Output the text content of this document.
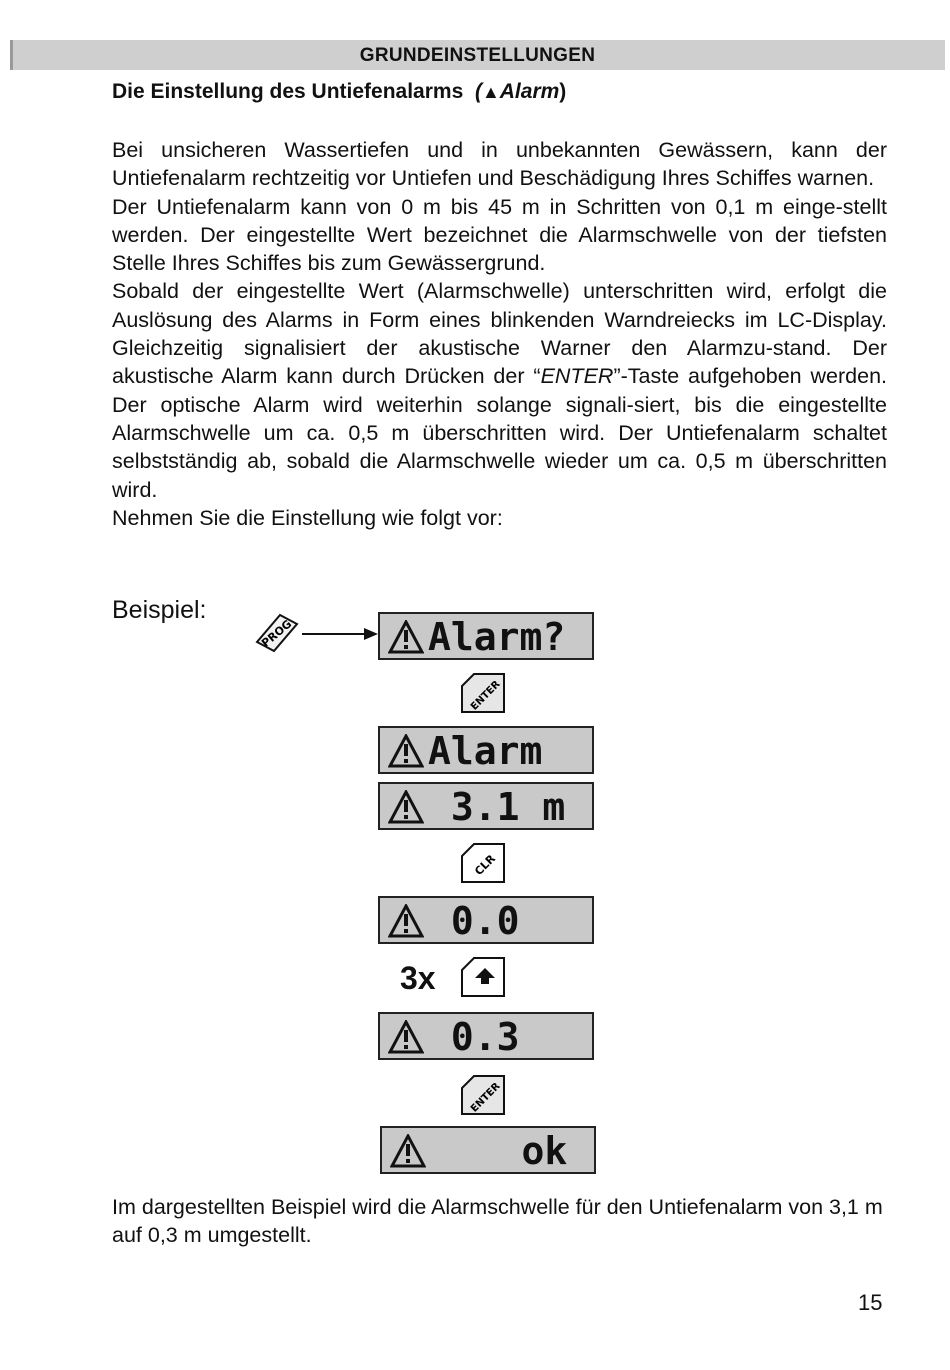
GRUNDEINSTELLUNGEN
Die Einstellung des Untiefenalarms (▲Alarm)

Bei unsicheren Wassertiefen und in unbekannten Gewässern, kann der Untiefenalarm rechtzeitig vor Untiefen und Beschädigung Ihres Schiffes warnen.

Der Untiefenalarm kann von 0 m bis 45 m in Schritten von 0,1 m einge-stellt werden. Der eingestellte Wert bezeichnet die Alarmschwelle von der tiefsten Stelle Ihres Schiffes bis zum Gewässergrund.

Sobald der eingestellte Wert (Alarmschwelle) unterschritten wird, erfolgt die Auslösung des Alarms in Form eines blinkenden Warndreiecks im LC-Display. Gleichzeitig signalisiert der akustische Warner den Alarmzu-stand. Der akustische Alarm kann durch Drücken der “ENTER”-Taste aufgehoben werden. Der optische Alarm wird weiterhin solange signali-siert, bis die eingestellte Alarmschwelle um ca. 0,5 m überschritten wird. Der Untiefenalarm schaltet selbstständig ab, sobald die Alarmschwelle wieder um ca. 0,5 m überschritten wird.

Nehmen Sie die Einstellung wie folgt vor:

Beispiel:
PROG	Alarm?
ENTER
Alarm
3.1 m
CLR
0.0
3x
0.3
ENTER
ok

Im dargestellten Beispiel wird die Alarmschwelle für den Untiefenalarm von 3,1 m auf 0,3 m umgestellt.

15
